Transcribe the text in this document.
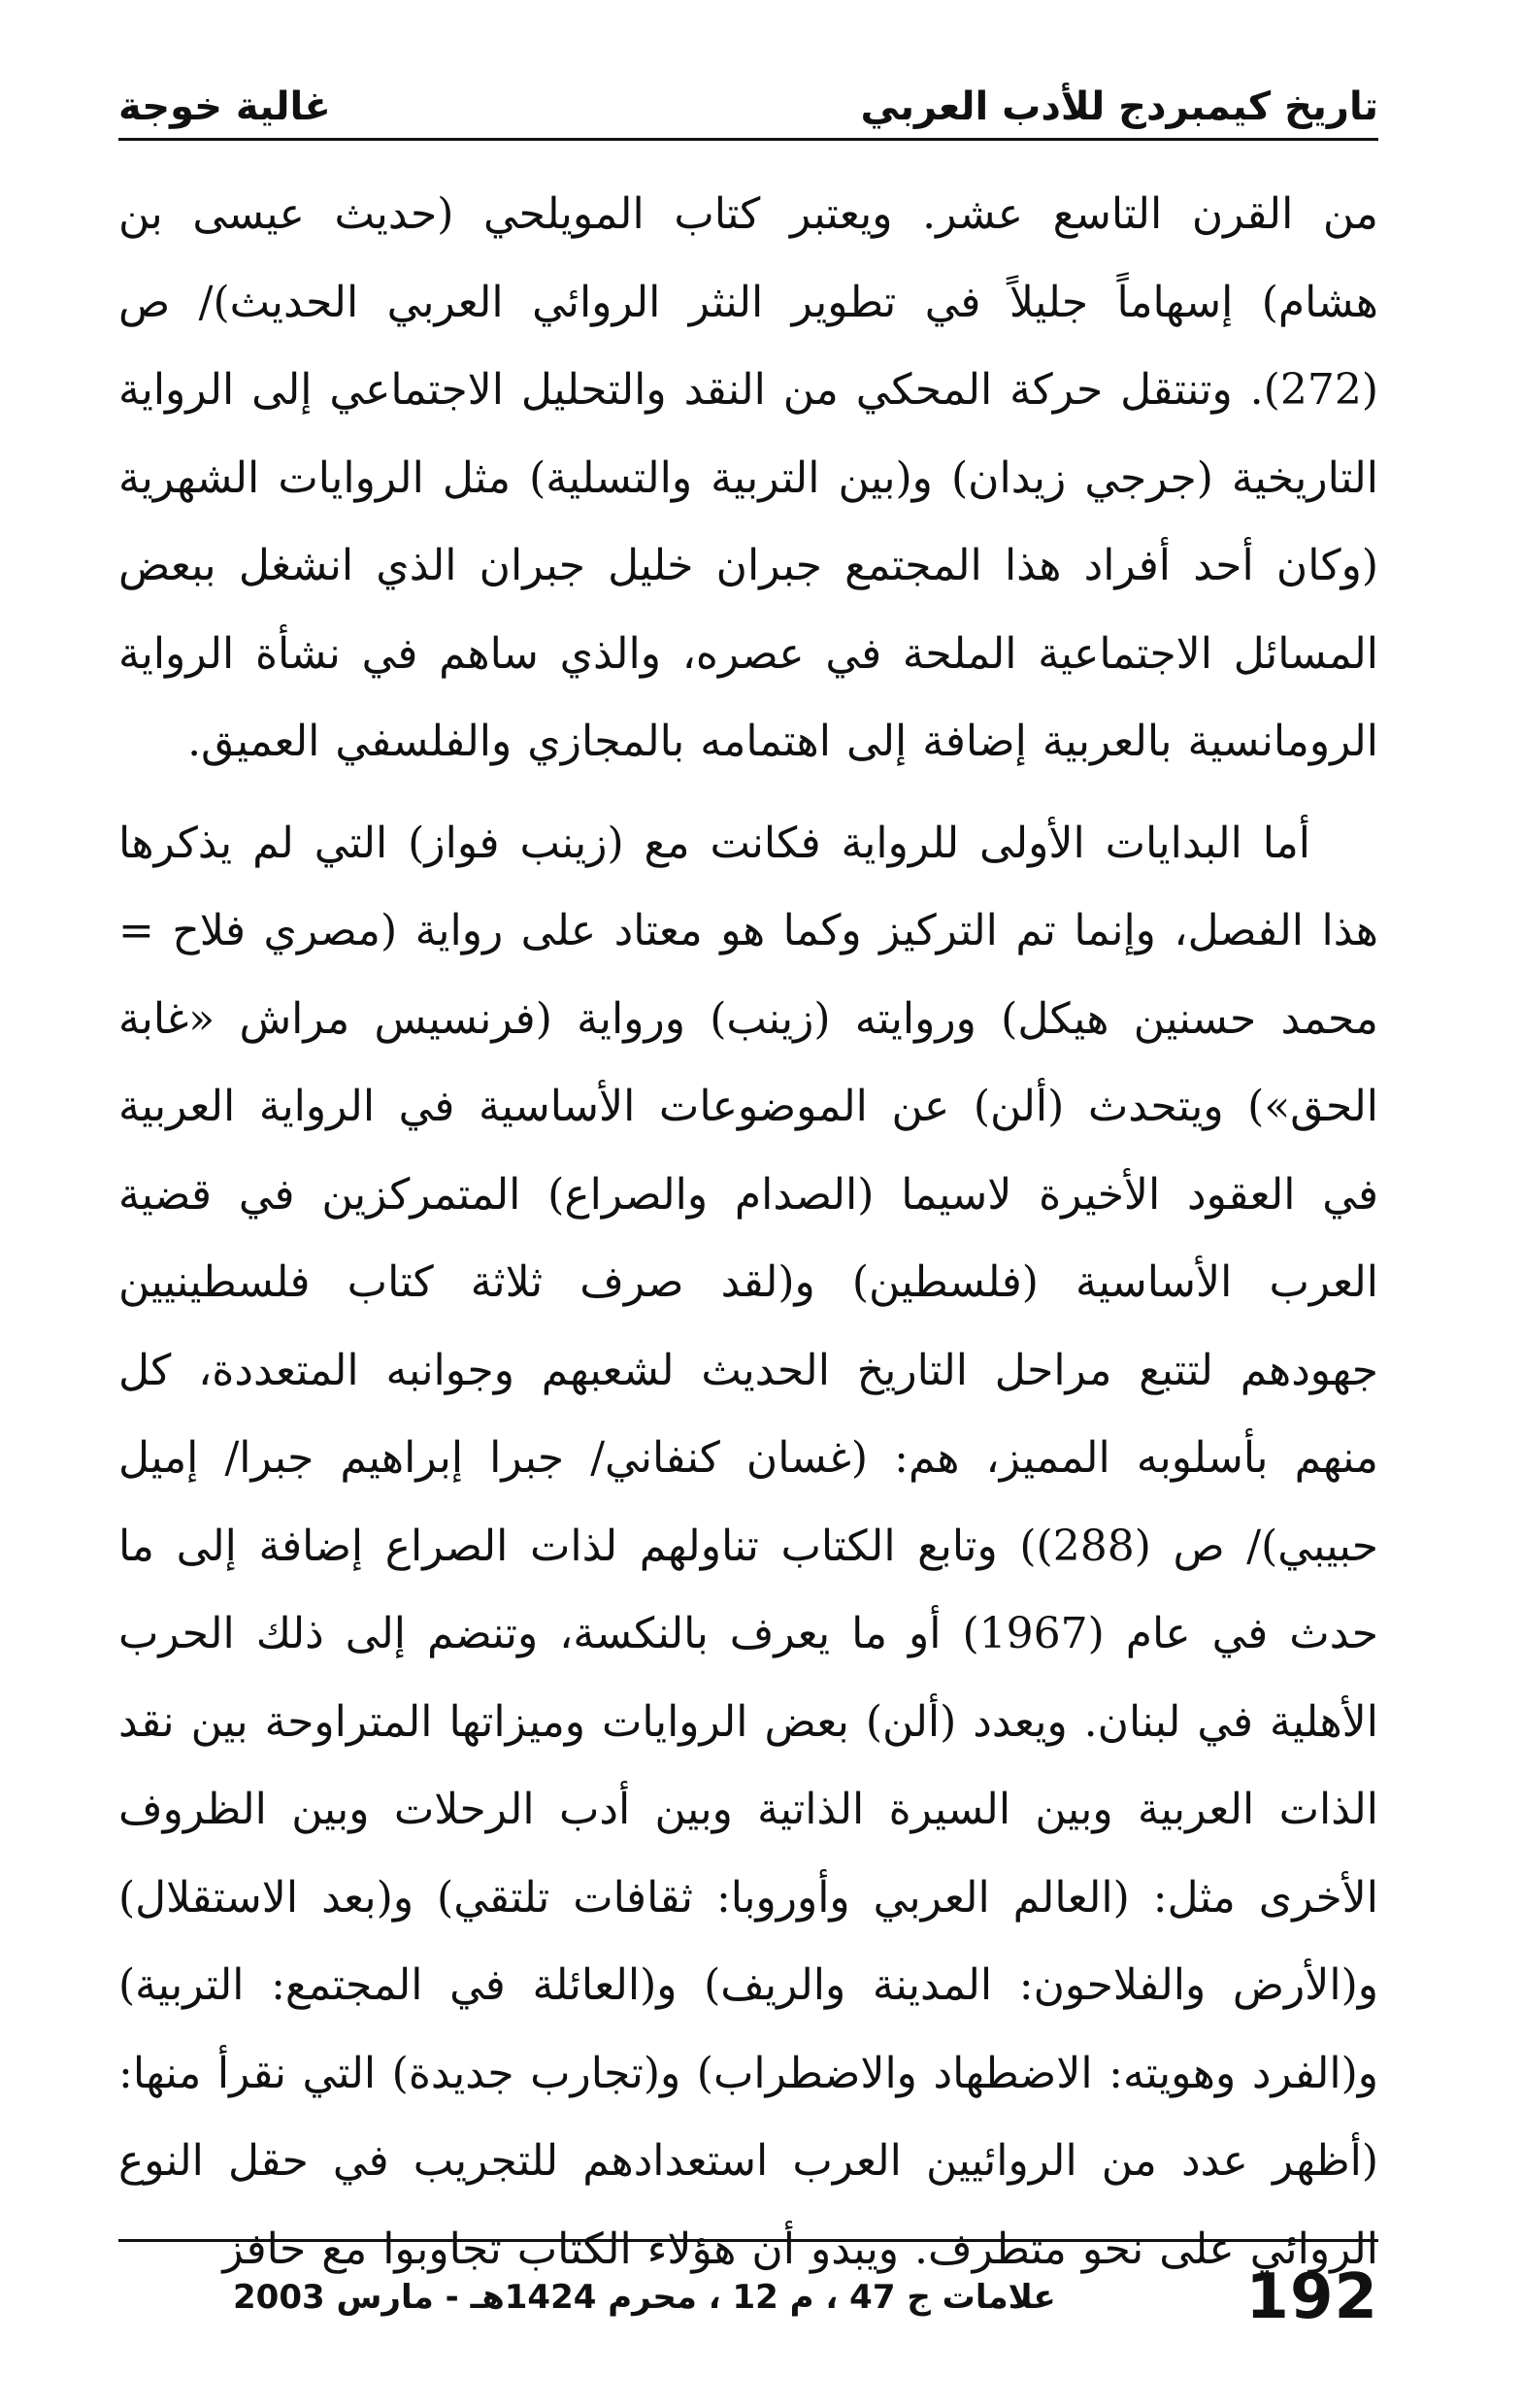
تاريخ كيمبردج للأدب العربي
غالية خوجة

من القرن التاسع عشر. ويعتبر كتاب المويلحي (حديث عيسى بن هشام) إسهاماً جليلاً في تطوير النثر الروائي العربي الحديث)/ ص (272). وتنتقل حركة المحكي من النقد والتحليل الاجتماعي إلى الرواية التاريخية (جرجي زيدان) و(بين التربية والتسلية) مثل الروايات الشهرية (وكان أحد أفراد هذا المجتمع جبران خليل جبران الذي انشغل ببعض المسائل الاجتماعية الملحة في عصره، والذي ساهم في نشأة الرواية الرومانسية بالعربية إضافة إلى اهتمامه بالمجازي والفلسفي العميق.

أما البدايات الأولى للرواية فكانت مع (زينب فواز) التي لم يذكرها هذا الفصل، وإنما تم التركيز وكما هو معتاد على رواية (مصري فلاح = محمد حسنين هيكل) وروايته (زينب) ورواية (فرنسيس مراش «غابة الحق») ويتحدث (ألن) عن الموضوعات الأساسية في الرواية العربية في العقود الأخيرة لاسيما (الصدام والصراع) المتمركزين في قضية العرب الأساسية (فلسطين) و(لقد صرف ثلاثة كتاب فلسطينيين جهودهم لتتبع مراحل التاريخ الحديث لشعبهم وجوانبه المتعددة، كل منهم بأسلوبه المميز، هم: (غسان كنفاني/ جبرا إبراهيم جبرا/ إميل حبيبي)/ ص (288)) وتابع الكتاب تناولهم لذات الصراع إضافة إلى ما حدث في عام (1967) أو ما يعرف بالنكسة، وتنضم إلى ذلك الحرب الأهلية في لبنان. ويعدد (ألن) بعض الروايات وميزاتها المتراوحة بين نقد الذات العربية وبين السيرة الذاتية وبين أدب الرحلات وبين الظروف الأخرى مثل: (العالم العربي وأوروبا: ثقافات تلتقي) و(بعد الاستقلال) و(الأرض والفلاحون: المدينة والريف) و(العائلة في المجتمع: التربية) و(الفرد وهويته: الاضطهاد والاضطراب) و(تجارب جديدة) التي نقرأ منها: (أظهر عدد من الروائيين العرب استعدادهم للتجريب في حقل النوع الروائي على نحو متطرف. ويبدو أن هؤلاء الكتاب تجاوبوا مع حافز

192
علامات ج 47 ، م 12 ، محرم 1424هـ - مارس 2003
